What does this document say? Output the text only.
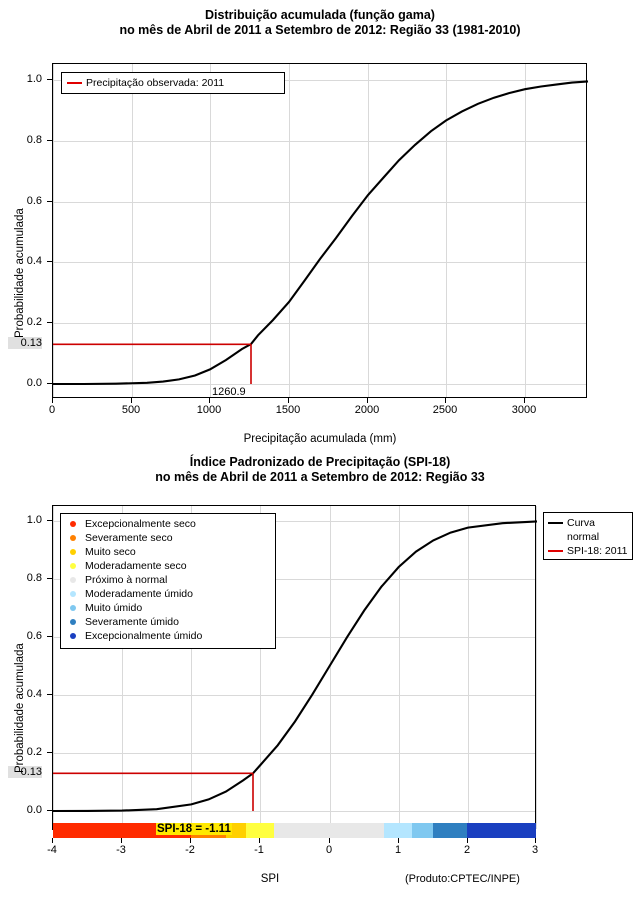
Distribuição acumulada (função gama)
no mês de Abril de 2011 a Setembro de 2012: Região 33 (1981-2010)
Precipitação observada: 2011
0.0
0.2
0.4
0.6
0.8
1.0
0.13
0	500	1000	1500	2000	2500	3000
1260.9
Probabilidade acumulada
Precipitação acumulada (mm)
Índice Padronizado de Precipitação (SPI-18)
no mês de Abril de 2011 a Setembro de 2012: Região 33
Excepcionalmente seco
Severamente seco
Muito seco
Moderadamente seco
Próximo à normal
Moderadamente úmido
Muito úmido
Severamente úmido
Excepcionalmente úmido
Curva
normal
SPI-18: 2011
0.0
0.2
0.4
0.6
0.8
1.0
0.13
SPI-18 = -1.11
-4	-3	-2	-1	0	1	2	3
Probabilidade acumulada
SPI	(Produto:CPTEC/INPE)
